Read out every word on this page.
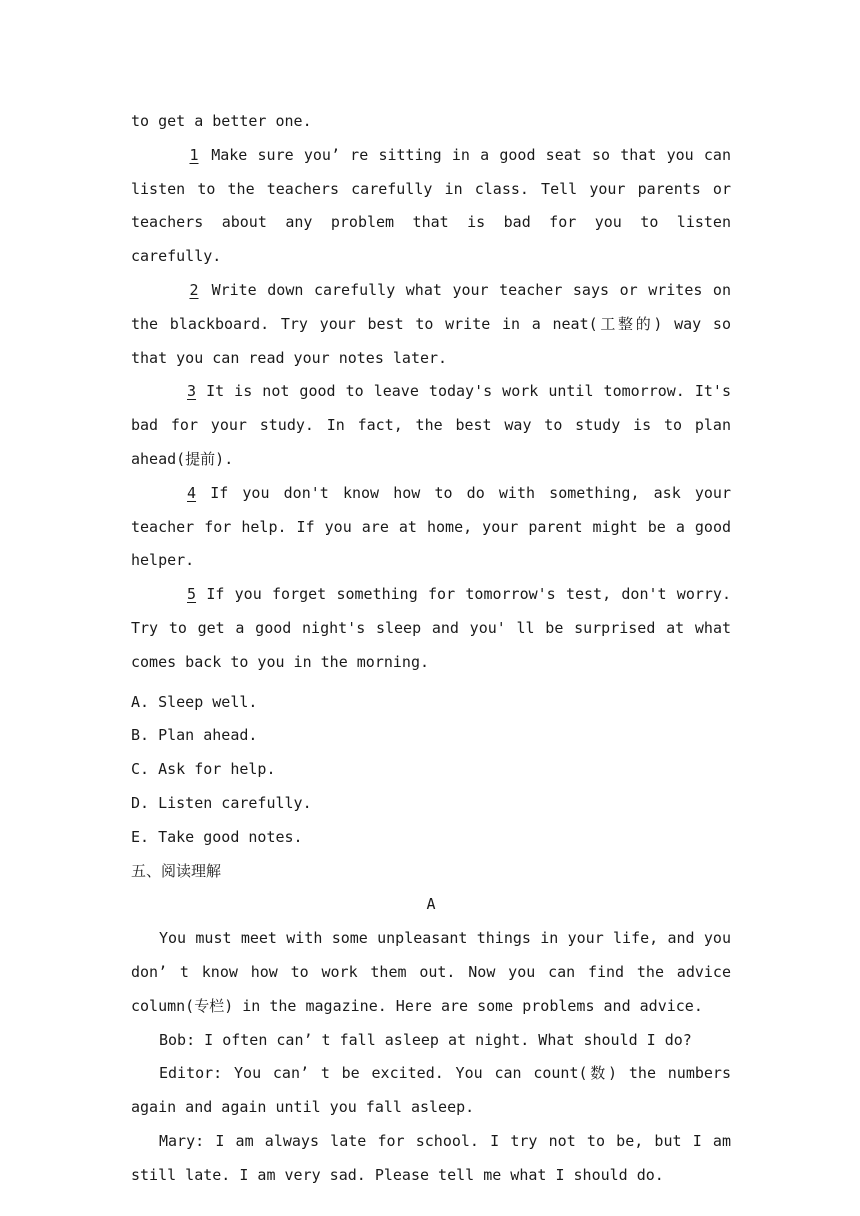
to get a better one.

1 Make sure you’ re sitting in a good seat so that you can listen to the teachers carefully in class. Tell your parents or teachers about any problem that is bad for you to listen carefully.

2 Write down carefully what your teacher says or writes on the blackboard. Try your best to write in a neat(工整的) way so that you can read your notes later.

3 It is not good to leave today's work until tomorrow. It's bad for your study. In fact, the best way to study is to plan ahead(提前).

4 If you don't know how to do with something, ask your teacher for help. If you are at home, your parent might be a good helper.

5 If you forget something for tomorrow's test, don't worry. Try to get a good night's sleep and you' ll be surprised at what comes back to you in the morning.

A. Sleep well.

B. Plan ahead.

C. Ask for help.

D. Listen carefully.

E. Take good notes.

五、阅读理解

A

You must meet with some unpleasant things in your life, and you don’ t know how to work them out. Now you can find the advice column(专栏) in the magazine. Here are some problems and advice.

Bob: I often can’ t fall asleep at night. What should I do?

Editor: You can’ t be excited. You can count(数) the numbers again and again until you fall asleep.

Mary: I am always late for school. I try not to be, but I am still late. I am very sad. Please tell me what I should do.
